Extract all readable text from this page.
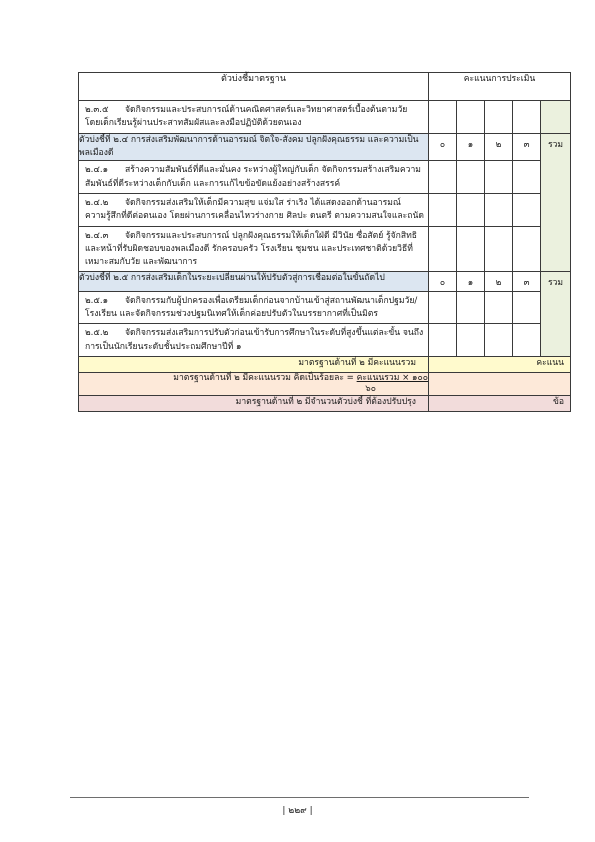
ตัวบ่งชี้มาตรฐาน	คะแนนการประเมิน				
๒.๓.๕ จัดกิจกรรมและประสบการณ์ด้านคณิตศาสตร์และวิทยาศาสตร์เบื้องต้นตามวัย โดยเด็กเรียนรู้ผ่านประสาทสัมผัสและลงมือปฏิบัติด้วยตนเอง					
ตัวบ่งชี้ที่ ๒.๔ การส่งเสริมพัฒนาการด้านอารมณ์ จิตใจ-สังคม ปลูกฝังคุณธรรม และความเป็นพลเมืองดี	๐	๑	๒	๓	รวม
๒.๔.๑ สร้างความสัมพันธ์ที่ดีและมั่นคง ระหว่างผู้ใหญ่กับเด็ก จัดกิจกรรมสร้างเสริมความสัมพันธ์ที่ดีระหว่างเด็กกับเด็ก และการแก้ไขข้อขัดแย้งอย่างสร้างสรรค์					
๒.๔.๒ จัดกิจกรรมส่งเสริมให้เด็กมีความสุข แจ่มใส ร่าเริง ได้แสดงออกด้านอารมณ์ ความรู้สึกที่ดีต่อตนเอง โดยผ่านการเคลื่อนไหวร่างกาย ศิลปะ ดนตรี ตามความสนใจและถนัด					
๒.๔.๓ จัดกิจกรรมและประสบการณ์ ปลูกฝังคุณธรรมให้เด็กใฝ่ดี มีวินัย ซื่อสัตย์ รู้จักสิทธิและหน้าที่รับผิดชอบของพลเมืองดี รักครอบครัว โรงเรียน ชุมชน และประเทศชาติด้วยวิธีที่เหมาะสมกับวัย และพัฒนาการ					
ตัวบ่งชี้ที่ ๒.๕ การส่งเสริมเด็กในระยะเปลี่ยนผ่านให้ปรับตัวสู่การเชื่อมต่อในขั้นถัดไป	๐	๑	๒	๓	รวม
๒.๕.๑ จัดกิจกรรมกับผู้ปกครองเพื่อเตรียมเด็กก่อนจากบ้านเข้าสู่สถานพัฒนาเด็กปฐมวัย/โรงเรียน และจัดกิจกรรมช่วงปฐมนิเทศให้เด็กค่อยปรับตัวในบรรยากาศที่เป็นมิตร					
๒.๕.๒ จัดกิจกรรมส่งเสริมการปรับตัวก่อนเข้ารับการศึกษาในระดับที่สูงขึ้นแต่ละขั้น จนถึงการเป็นนักเรียนระดับชั้นประถมศึกษาปีที่ ๑					
มาตรฐานด้านที่ ๒ มีคะแนนรวม	คะแนน				
มาตรฐานด้านที่ ๒ มีคะแนนรวม คิดเป็นร้อยละ = คะแนนรวม × ๑๐๐
๖๐					

มาตรฐานด้านที่ ๒ มีจำนวนตัวบ่งชี้ ที่ต้องปรับปรุง	ข้อ				
| ๒๒๙ |
